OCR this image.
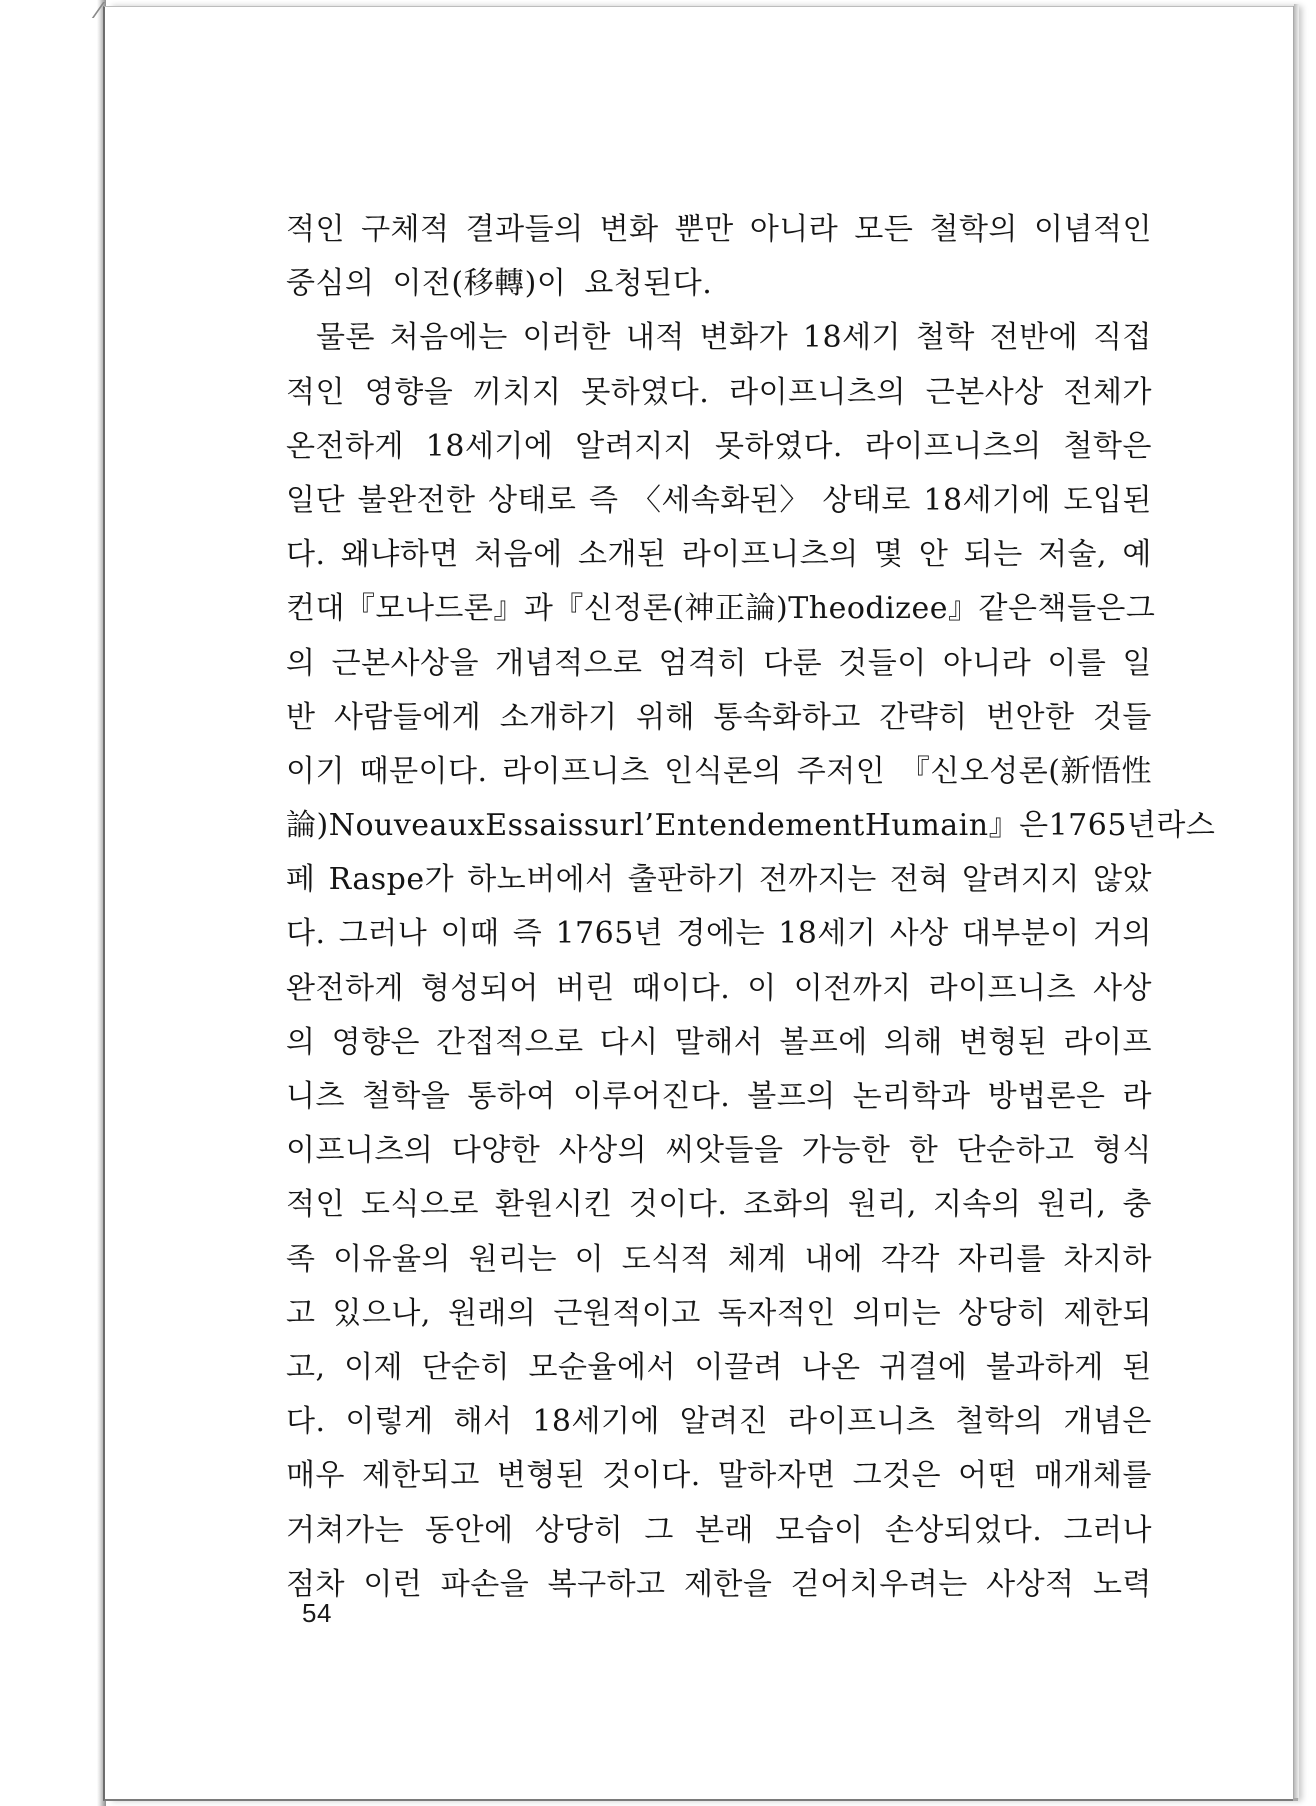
적인 구체적 결과들의 변화 뿐만 아니라 모든 철학의 이념적인
중심의 이전(移轉)이 요청된다.
물론 처음에는 이러한 내적 변화가 18세기 철학 전반에 직접
적인 영향을 끼치지 못하였다. 라이프니츠의 근본사상 전체가
온전하게 18세기에 알려지지 못하였다. 라이프니츠의 철학은
일단 불완전한 상태로 즉 〈세속화된〉 상태로 18세기에 도입된
다. 왜냐하면 처음에 소개된 라이프니츠의 몇 안 되는 저술, 예
컨대 『모나드론』과 『신정론(神正論) Theodizee』 같은 책들은 그
의 근본사상을 개념적으로 엄격히 다룬 것들이 아니라 이를 일
반 사람들에게 소개하기 위해 통속화하고 간략히 번안한 것들
이기 때문이다. 라이프니츠 인식론의 주저인 『신오성론(新悟性
論) Nouveaux Essais sur l’Entendement Humain』은 1765년 라스
페 Raspe가 하노버에서 출판하기 전까지는 전혀 알려지지 않았
다. 그러나 이때 즉 1765년 경에는 18세기 사상 대부분이 거의
완전하게 형성되어 버린 때이다. 이 이전까지 라이프니츠 사상
의 영향은 간접적으로 다시 말해서 볼프에 의해 변형된 라이프
니츠 철학을 통하여 이루어진다. 볼프의 논리학과 방법론은 라
이프니츠의 다양한 사상의 씨앗들을 가능한 한 단순하고 형식
적인 도식으로 환원시킨 것이다. 조화의 원리, 지속의 원리, 충
족 이유율의 원리는 이 도식적 체계 내에 각각 자리를 차지하
고 있으나, 원래의 근원적이고 독자적인 의미는 상당히 제한되
고, 이제 단순히 모순율에서 이끌려 나온 귀결에 불과하게 된
다. 이렇게 해서 18세기에 알려진 라이프니츠 철학의 개념은
매우 제한되고 변형된 것이다. 말하자면 그것은 어떤 매개체를
거쳐가는 동안에 상당히 그 본래 모습이 손상되었다. 그러나
점차 이런 파손을 복구하고 제한을 걷어치우려는 사상적 노력
54
